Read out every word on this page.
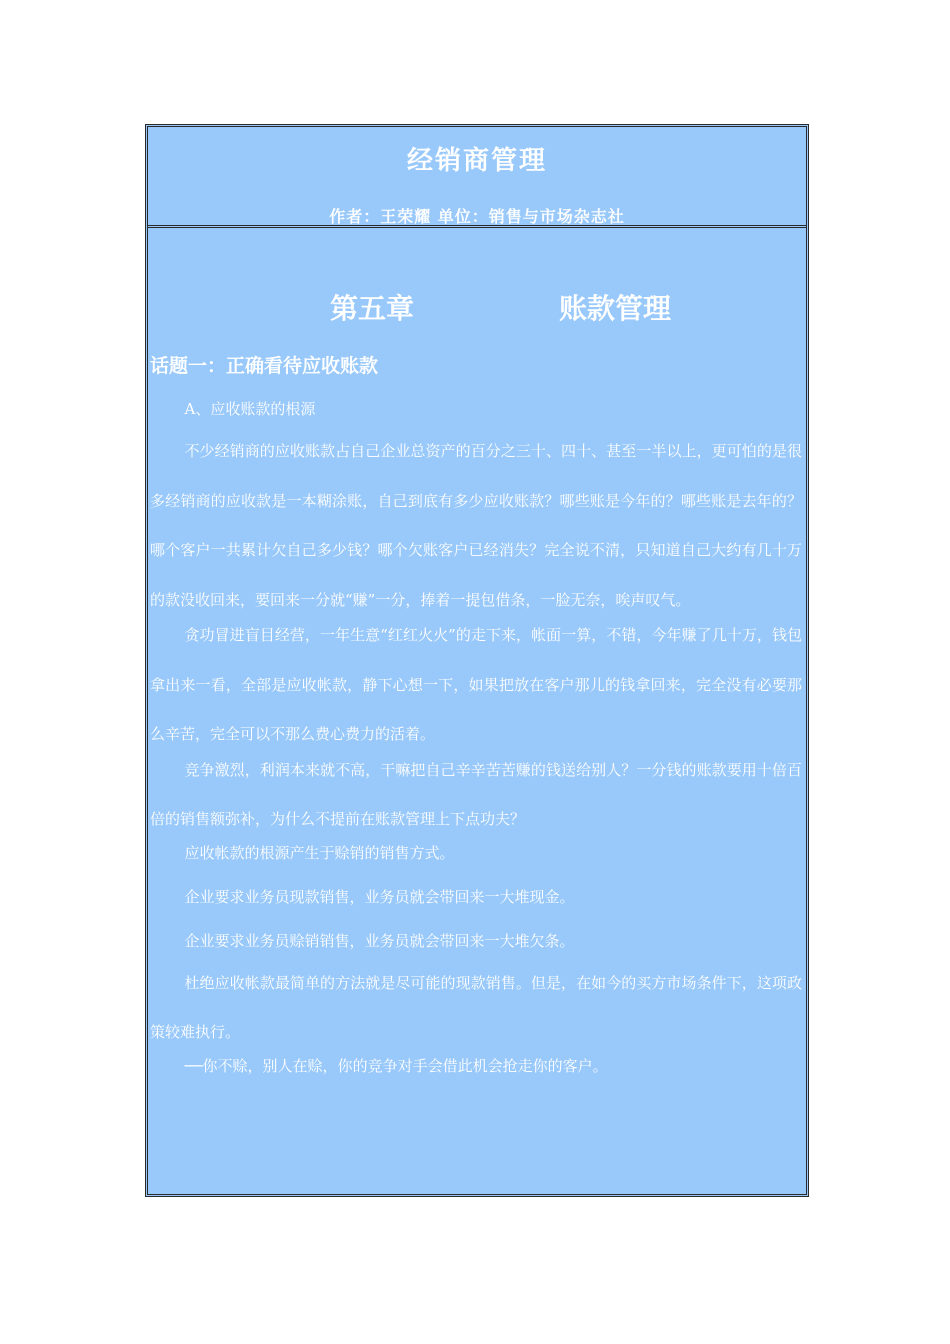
经销商管理
作者：王荣耀 单位：销售与市场杂志社
第五章	账款管理
话题一：正确看待应收账款

A、应收账款的根源

不少经销商的应收账款占自己企业总资产的百分之三十、四十、甚至一半以上，更可怕的是很多经销商的应收款是一本糊涂账，自己到底有多少应收账款？哪些账是今年的？哪些账是去年的？哪个客户一共累计欠自己多少钱？哪个欠账客户已经消失？完全说不清，只知道自己大约有几十万的款没收回来，要回来一分就“赚”一分，捧着一提包借条，一脸无奈，唉声叹气。

贪功冒进盲目经营，一年生意“红红火火”的走下来，帐面一算，不错，今年赚了几十万，钱包拿出来一看，全部是应收帐款，静下心想一下，如果把放在客户那儿的钱拿回来，完全没有必要那么辛苦，完全可以不那么费心费力的活着。

竞争激烈，利润本来就不高，干嘛把自己辛辛苦苦赚的钱送给别人？一分钱的账款要用十倍百倍的销售额弥补，为什么不提前在账款管理上下点功夫？

应收帐款的根源产生于赊销的销售方式。

企业要求业务员现款销售，业务员就会带回来一大堆现金。

企业要求业务员赊销销售，业务员就会带回来一大堆欠条。

杜绝应收帐款最简单的方法就是尽可能的现款销售。但是，在如今的买方市场条件下，这项政策较难执行。

──你不赊，别人在赊，你的竞争对手会借此机会抢走你的客户。
